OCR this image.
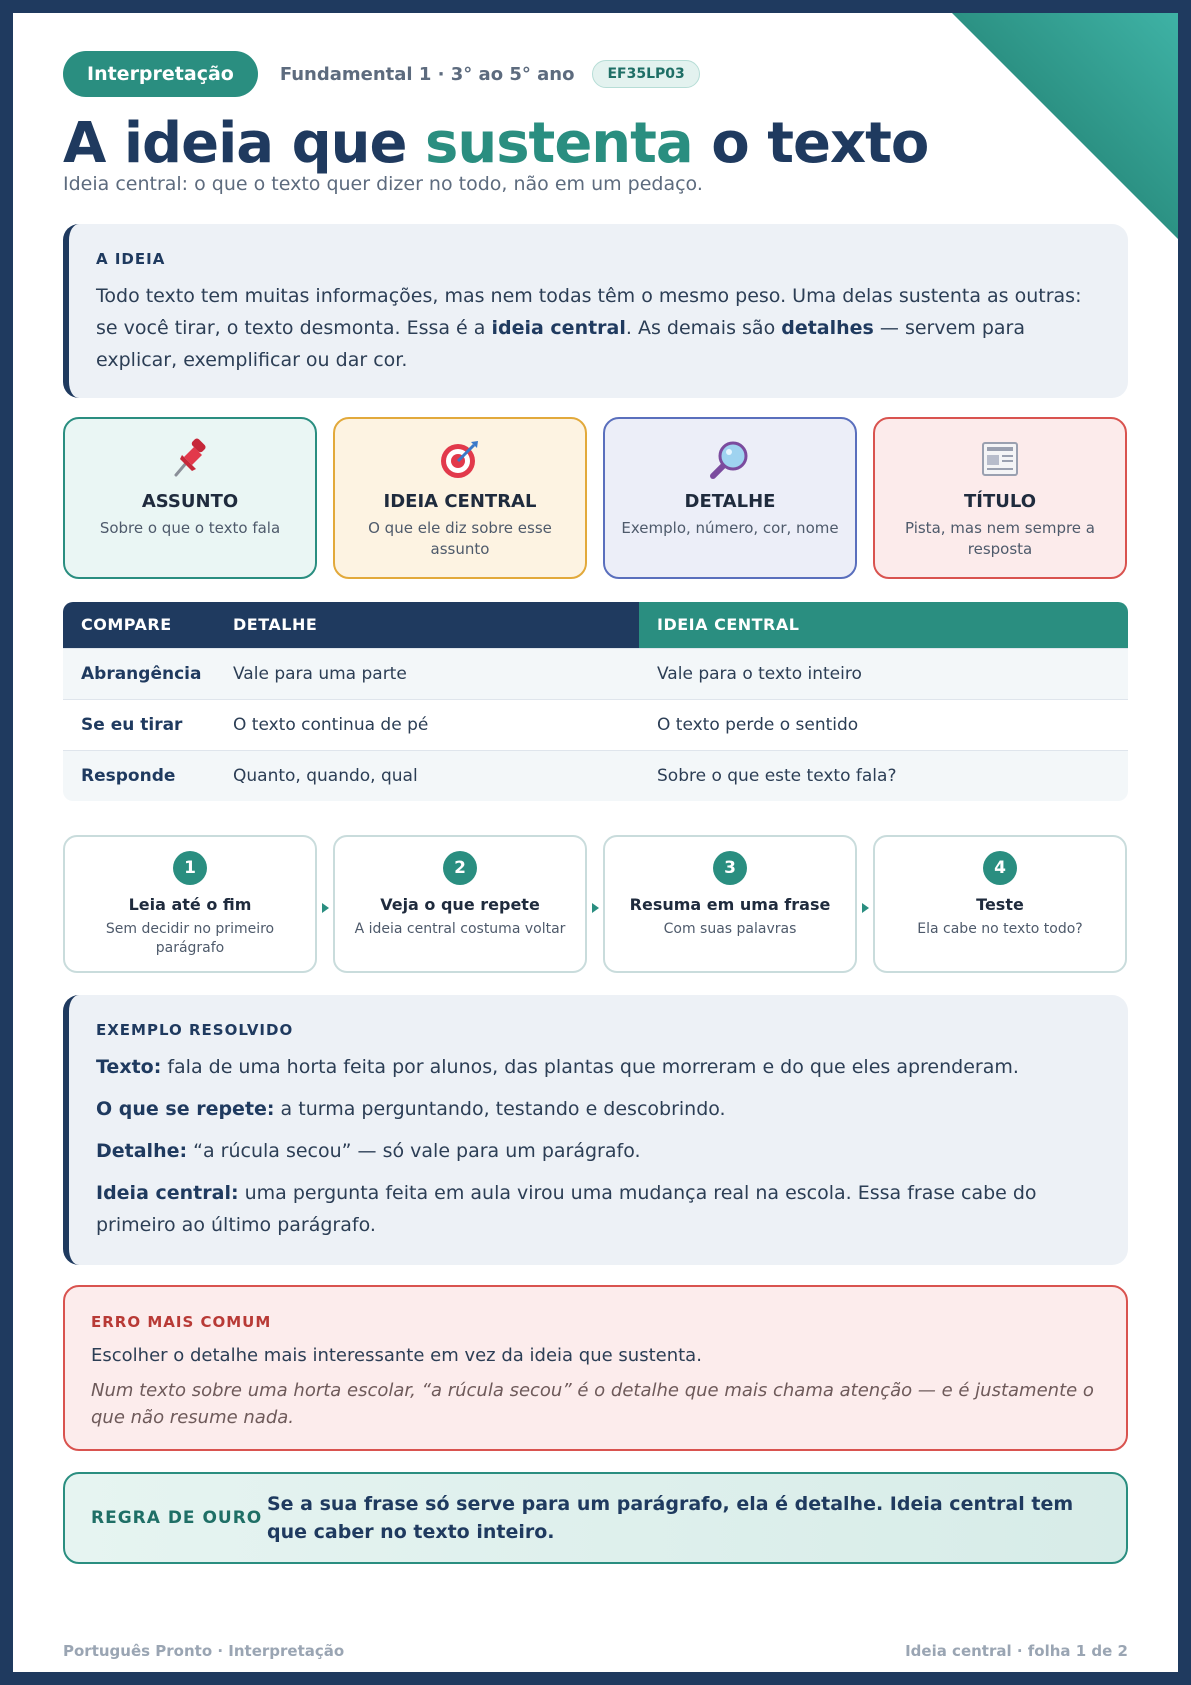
Interpretação	Fundamental 1 · 3° ao 5° ano	EF35LP03
A ideia que sustenta o texto
Ideia central: o que o texto quer dizer no todo, não em um pedaço.
A IDEIA

Todo texto tem muitas informações, mas nem todas têm o mesmo peso. Uma delas sustenta as outras: se você tirar, o texto desmonta. Essa é a ideia central. As demais são detalhes — servem para explicar, exemplificar ou dar cor.

ASSUNTO
Sobre o que o texto fala
IDEIA CENTRAL
O que ele diz sobre esse assunto
DETALHE
Exemplo, número, cor, nome
TÍTULO
Pista, mas nem sempre a resposta
COMPARE	DETALHE	IDEIA CENTRAL
Abrangência	Vale para uma parte	Vale para o texto inteiro
Se eu tirar	O texto continua de pé	O texto perde o sentido
Responde	Quanto, quando, qual	Sobre o que este texto fala?
1
Leia até o fim
Sem decidir no primeiro parágrafo
2
Veja o que repete
A ideia central costuma voltar
3
Resuma em uma frase
Com suas palavras
4
Teste
Ela cabe no texto todo?
EXEMPLO RESOLVIDO

Texto: fala de uma horta feita por alunos, das plantas que morreram e do que eles aprenderam.

O que se repete: a turma perguntando, testando e descobrindo.

Detalhe: “a rúcula secou” — só vale para um parágrafo.

Ideia central: uma pergunta feita em aula virou uma mudança real na escola. Essa frase cabe do primeiro ao último parágrafo.

ERRO MAIS COMUM

Escolher o detalhe mais interessante em vez da ideia que sustenta.

Num texto sobre uma horta escolar, “a rúcula secou” é o detalhe que mais chama atenção — e é justamente o que não resume nada.

REGRA DE OURO
Se a sua frase só serve para um parágrafo, ela é detalhe. Ideia central tem que caber no texto inteiro.
Português Pronto · Interpretação	Ideia central · folha 1 de 2
